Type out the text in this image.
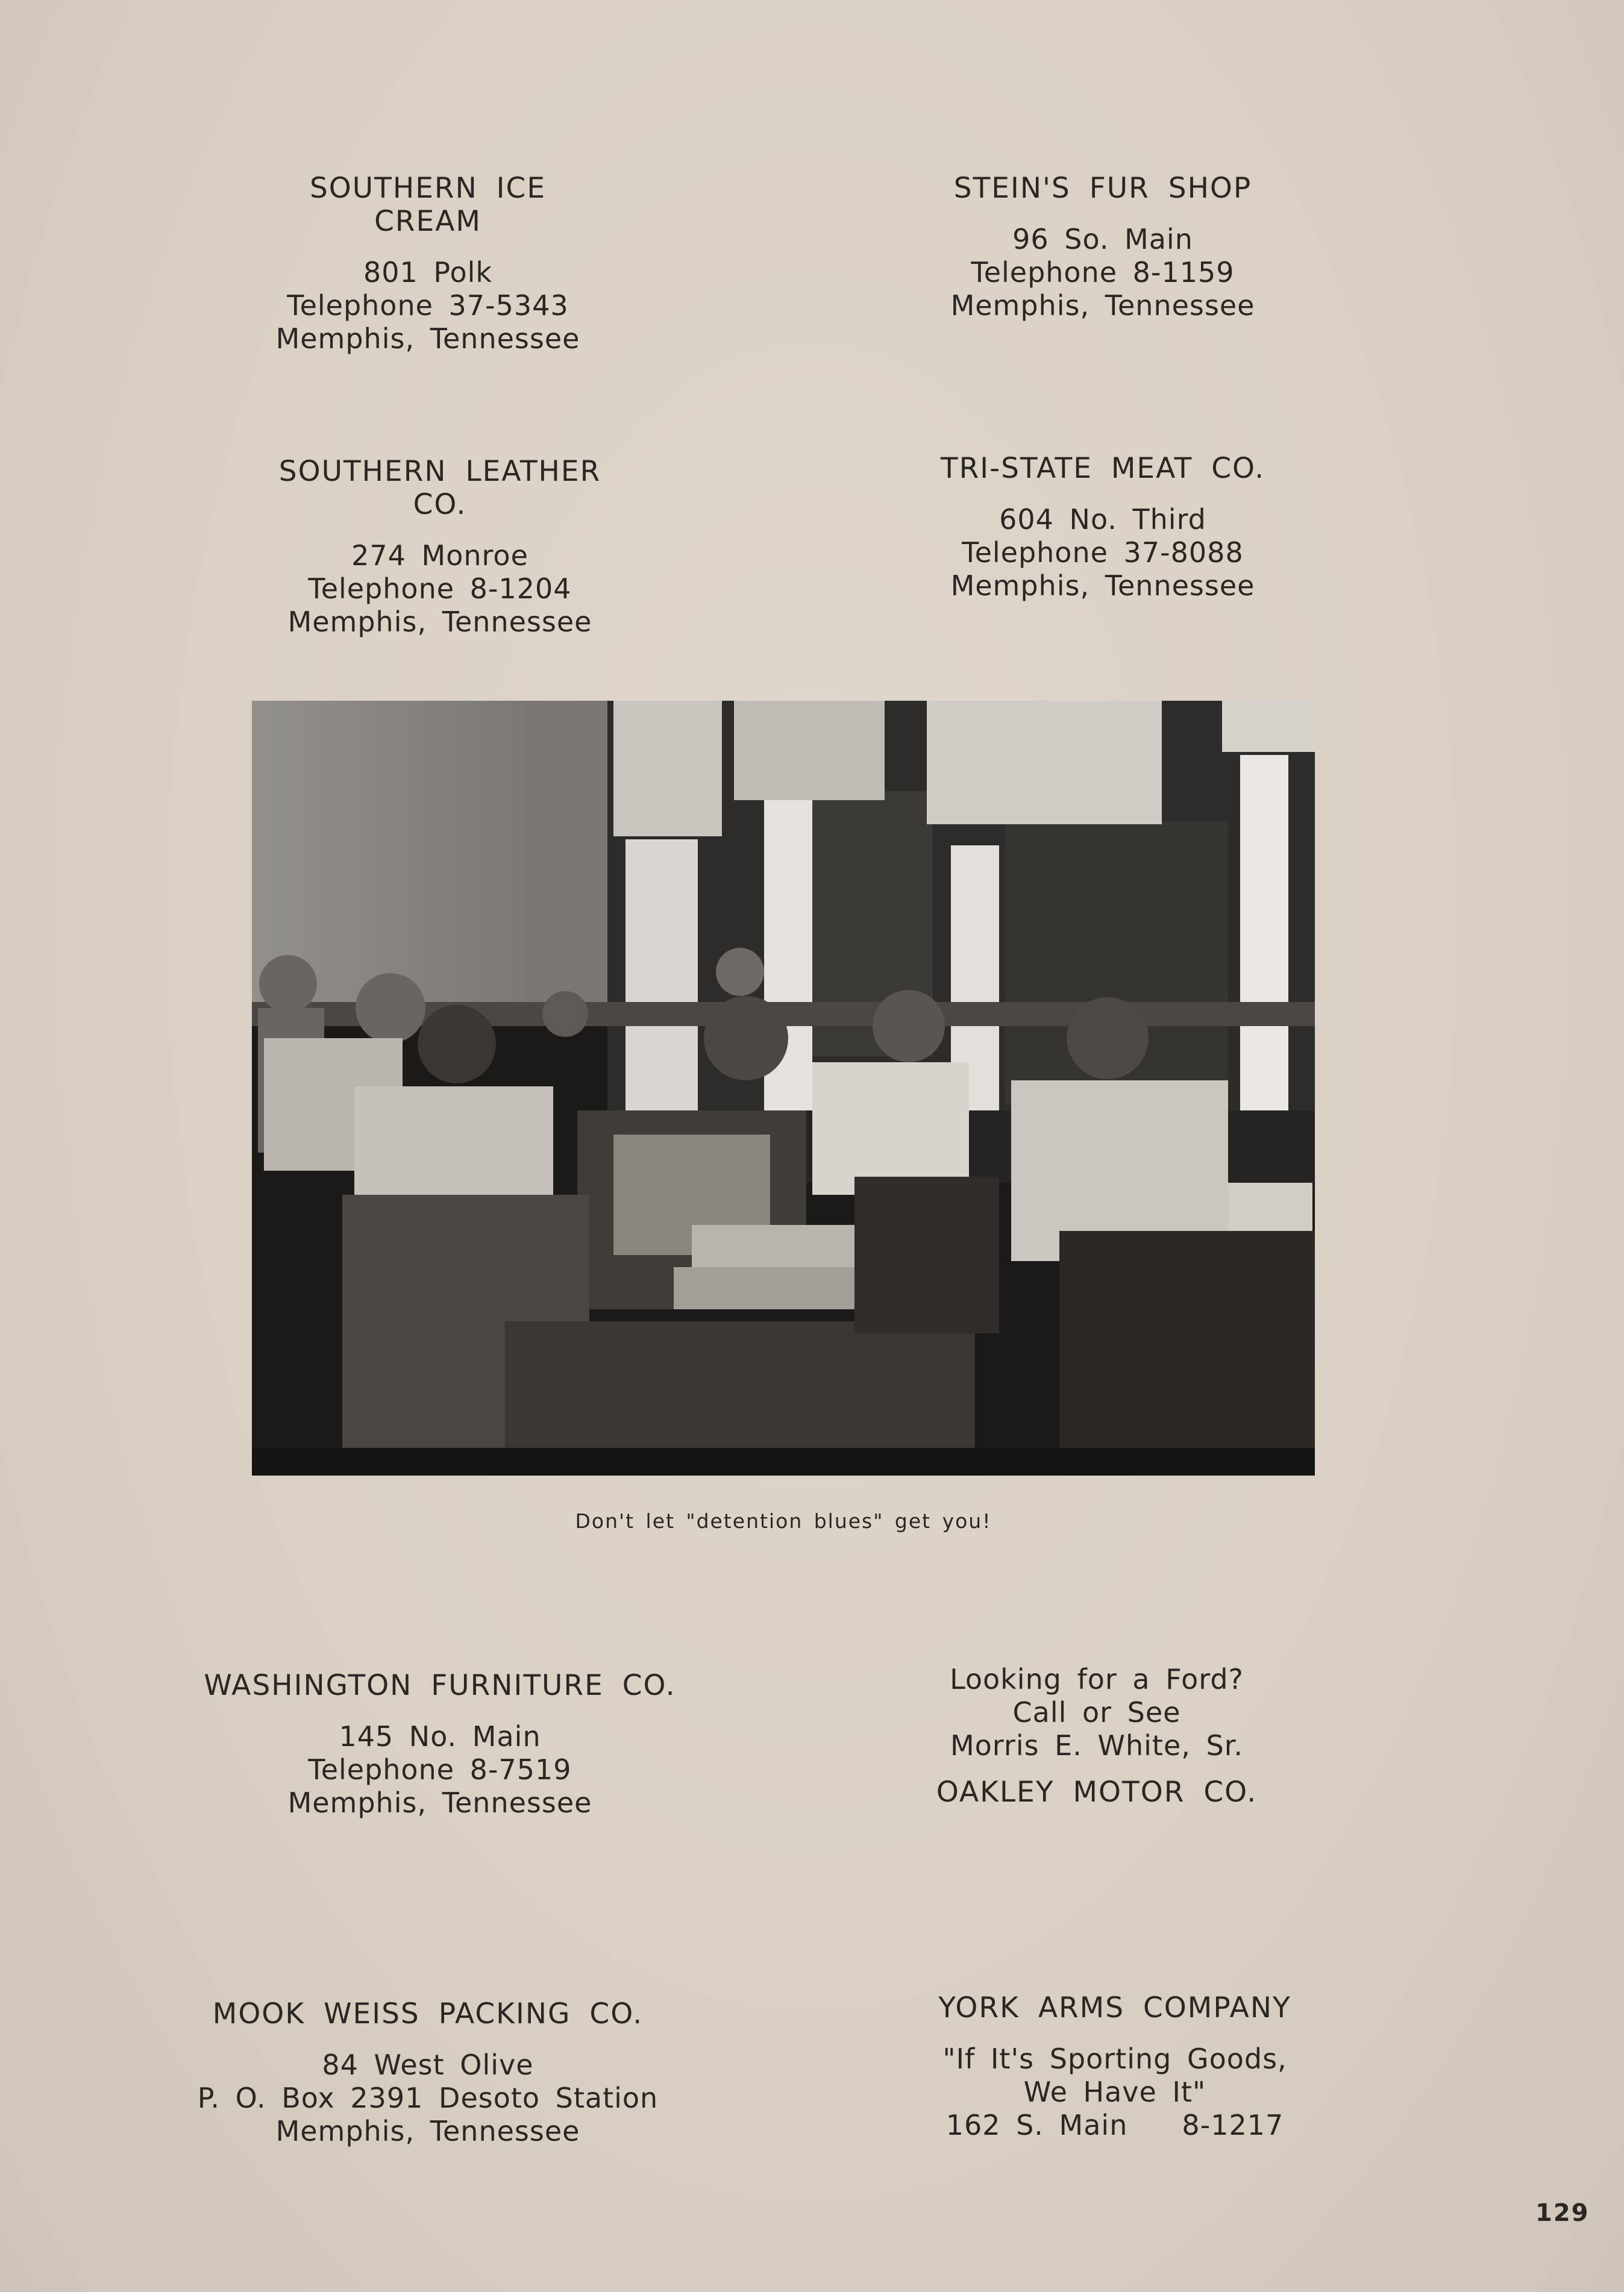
SOUTHERN ICE CREAM
801 Polk
Telephone 37-5343
Memphis, Tennessee
STEIN'S FUR SHOP
96 So. Main
Telephone 8-1159
Memphis, Tennessee
SOUTHERN LEATHER CO.
274 Monroe
Telephone 8-1204
Memphis, Tennessee
TRI-STATE MEAT CO.
604 No. Third
Telephone 37-8088
Memphis, Tennessee
Don't let "detention blues" get you!
WASHINGTON FURNITURE CO.
145 No. Main
Telephone 8-7519
Memphis, Tennessee
Looking for a Ford?
Call or See
Morris E. White, Sr.
OAKLEY MOTOR CO.
MOOK WEISS PACKING CO.
84 West Olive
P. O. Box 2391 Desoto Station
Memphis, Tennessee
YORK ARMS COMPANY
"If It's Sporting Goods,
We Have It"
162 S. Main 8-1217
129
